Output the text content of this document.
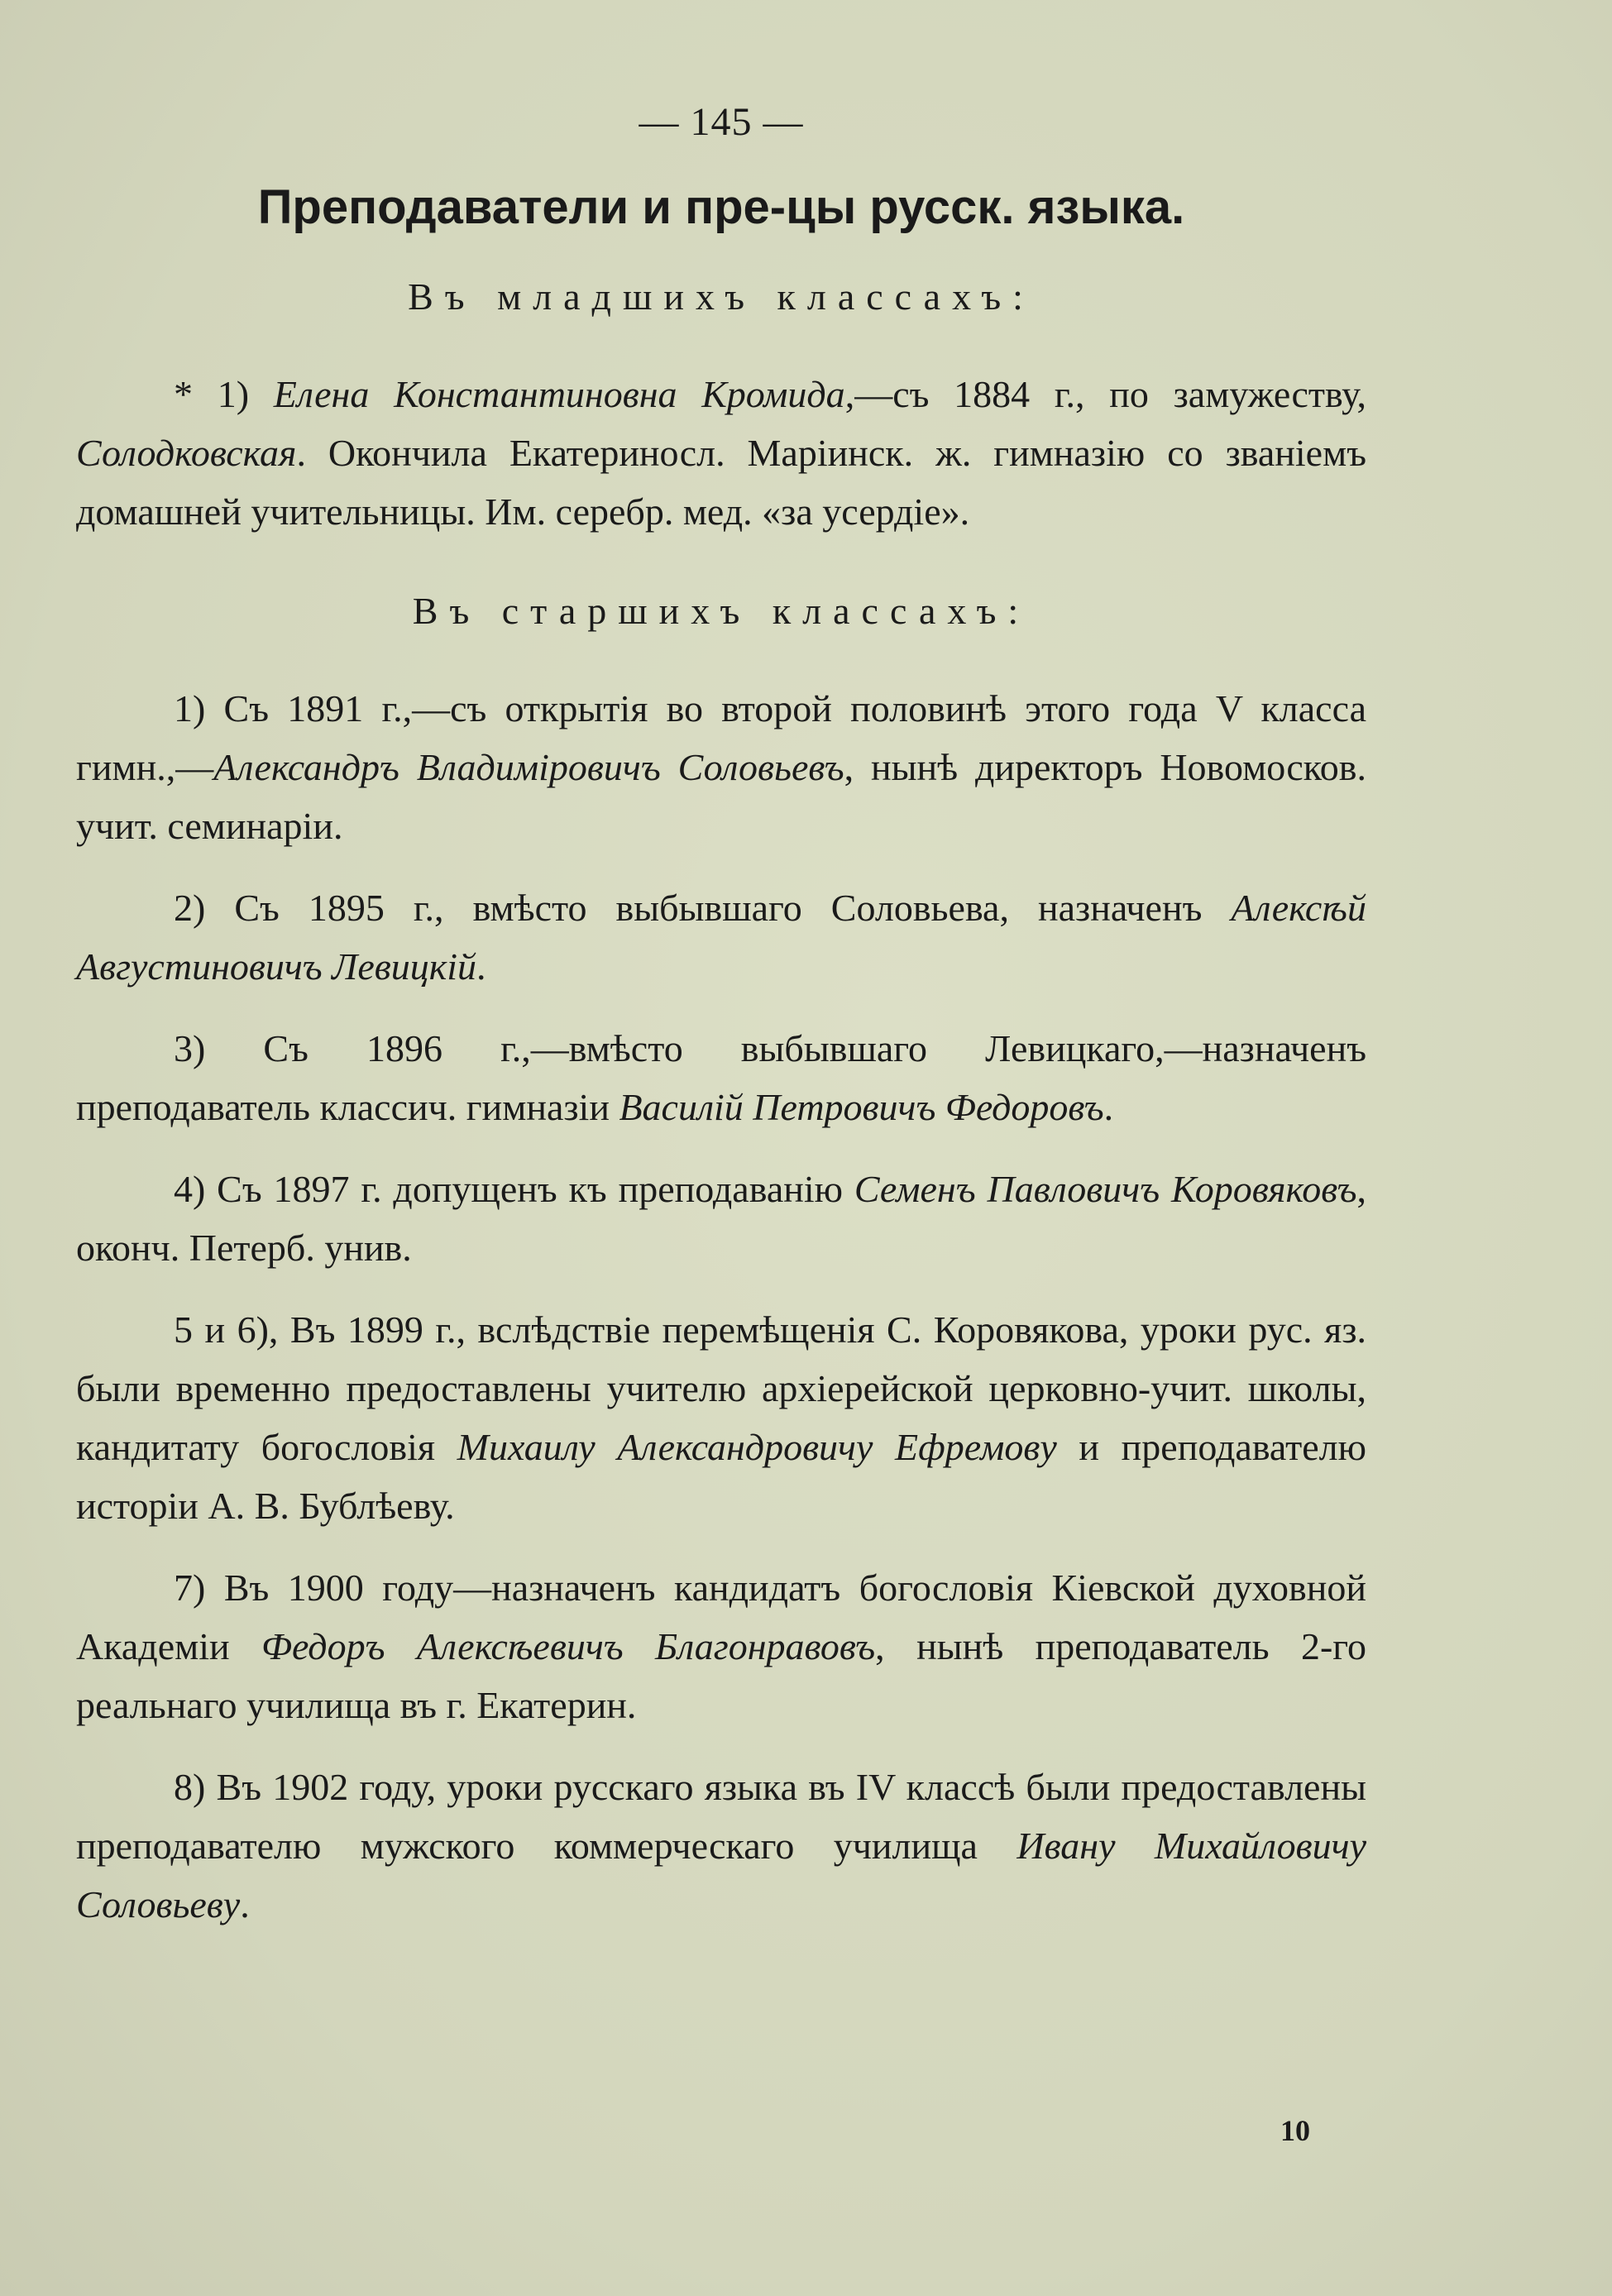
— 145 —
Преподаватели и пре-цы русск. языка.
Въ младшихъ классахъ:

* 1) Елена Константиновна Кромида,—съ 1884 г., по замужеству, Солодковская. Окончила Екатериносл. Маріинск. ж. гимназію со званіемъ домашней учительницы. Им. серебр. мед. «за усердіе».

Въ старшихъ классахъ:

1) Съ 1891 г.,—съ открытія во второй половинѣ этого года V класса гимн.,—Александръ Владиміровичъ Соловьевъ, нынѣ директоръ Новомосков. учит. семинаріи.

2) Съ 1895 г., вмѣсто выбывшаго Соловьева, назначенъ Алексѣй Августиновичъ Левицкій.

3) Съ 1896 г.,—вмѣсто выбывшаго Левицкаго,—назначенъ преподаватель классич. гимназіи Василій Петровичъ Федоровъ.

4) Съ 1897 г. допущенъ къ преподаванію Семенъ Павловичъ Коровяковъ, оконч. Петерб. унив.

5 и 6), Въ 1899 г., вслѣдствіе перемѣщенія С. Коровякова, уроки рус. яз. были временно предоставлены учителю архіерейской церковно-учит. школы, кандитату богословія Михаилу Александровичу Ефремову и преподавателю исторіи А. В. Бублѣеву.

7) Въ 1900 году—назначенъ кандидатъ богословія Кіевской духовной Академіи Федоръ Алексѣевичъ Благонравовъ, нынѣ преподаватель 2-го реальнаго училища въ г. Екатерин.

8) Въ 1902 году, уроки русскаго языка въ IV классѣ были предоставлены преподавателю мужского коммерческаго училища Ивану Михайловичу Соловьеву.

10
